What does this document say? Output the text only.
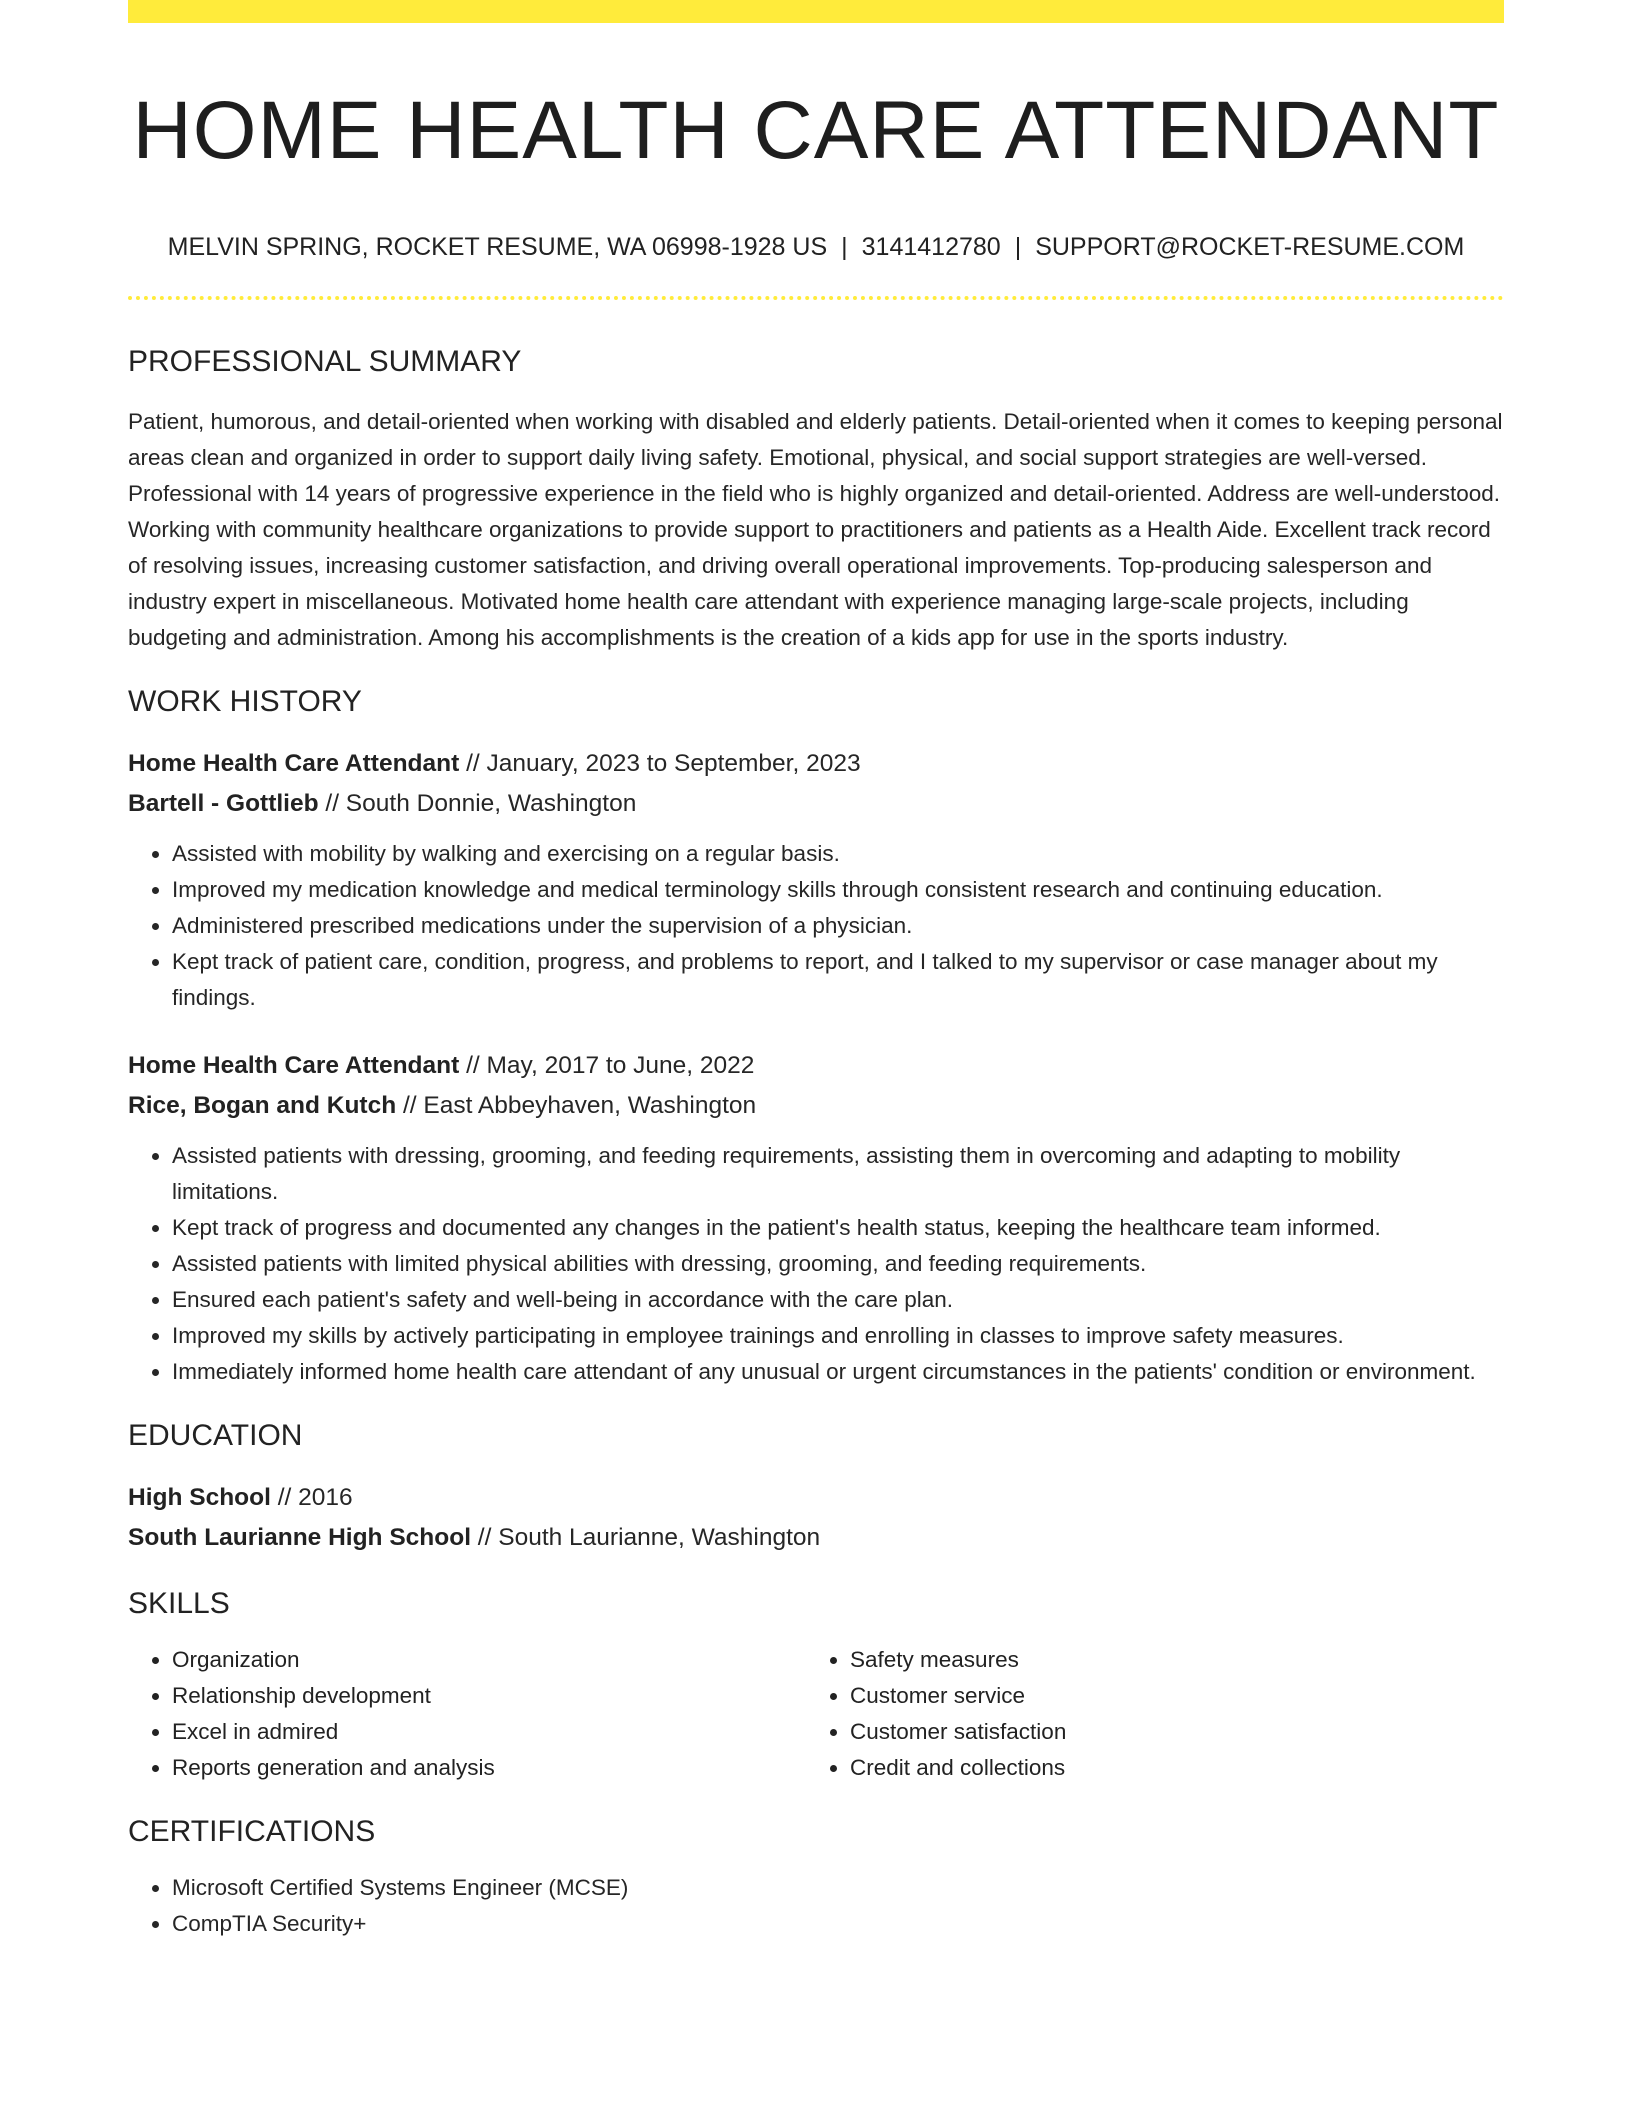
HOME HEALTH CARE ATTENDANT
MELVIN SPRING, ROCKET RESUME, WA 06998-1928 US | 3141412780 | SUPPORT@ROCKET-RESUME.COM
PROFESSIONAL SUMMARY

Patient, humorous, and detail-oriented when working with disabled and elderly patients. Detail-oriented when it comes to keeping personal areas clean and organized in order to support daily living safety. Emotional, physical, and social support strategies are well-versed. Professional with 14 years of progressive experience in the field who is highly organized and detail-oriented. Address are well-understood. Working with community healthcare organizations to provide support to practitioners and patients as a Health Aide. Excellent track record of resolving issues, increasing customer satisfaction, and driving overall operational improvements. Top-producing salesperson and industry expert in miscellaneous. Motivated home health care attendant with experience managing large-scale projects, including budgeting and administration. Among his accomplishments is the creation of a kids app for use in the sports industry.

WORK HISTORY
Home Health Care Attendant // January, 2023 to September, 2023
Bartell - Gottlieb // South Donnie, Washington
• Assisted with mobility by walking and exercising on a regular basis.
• Improved my medication knowledge and medical terminology skills through consistent research and continuing education.
• Administered prescribed medications under the supervision of a physician.
• Kept track of patient care, condition, progress, and problems to report, and I talked to my supervisor or case manager about my findings.
Home Health Care Attendant // May, 2017 to June, 2022
Rice, Bogan and Kutch // East Abbeyhaven, Washington
• Assisted patients with dressing, grooming, and feeding requirements, assisting them in overcoming and adapting to mobility limitations.
• Kept track of progress and documented any changes in the patient's health status, keeping the healthcare team informed.
• Assisted patients with limited physical abilities with dressing, grooming, and feeding requirements.
• Ensured each patient's safety and well-being in accordance with the care plan.
• Improved my skills by actively participating in employee trainings and enrolling in classes to improve safety measures.
• Immediately informed home health care attendant of any unusual or urgent circumstances in the patients' condition or environment.
EDUCATION
High School // 2016
South Laurianne High School // South Laurianne, Washington
SKILLS
• Organization
• Relationship development
• Excel in admired
• Reports generation and analysis
• Safety measures
• Customer service
• Customer satisfaction
• Credit and collections
CERTIFICATIONS
• Microsoft Certified Systems Engineer (MCSE)
• CompTIA Security+
